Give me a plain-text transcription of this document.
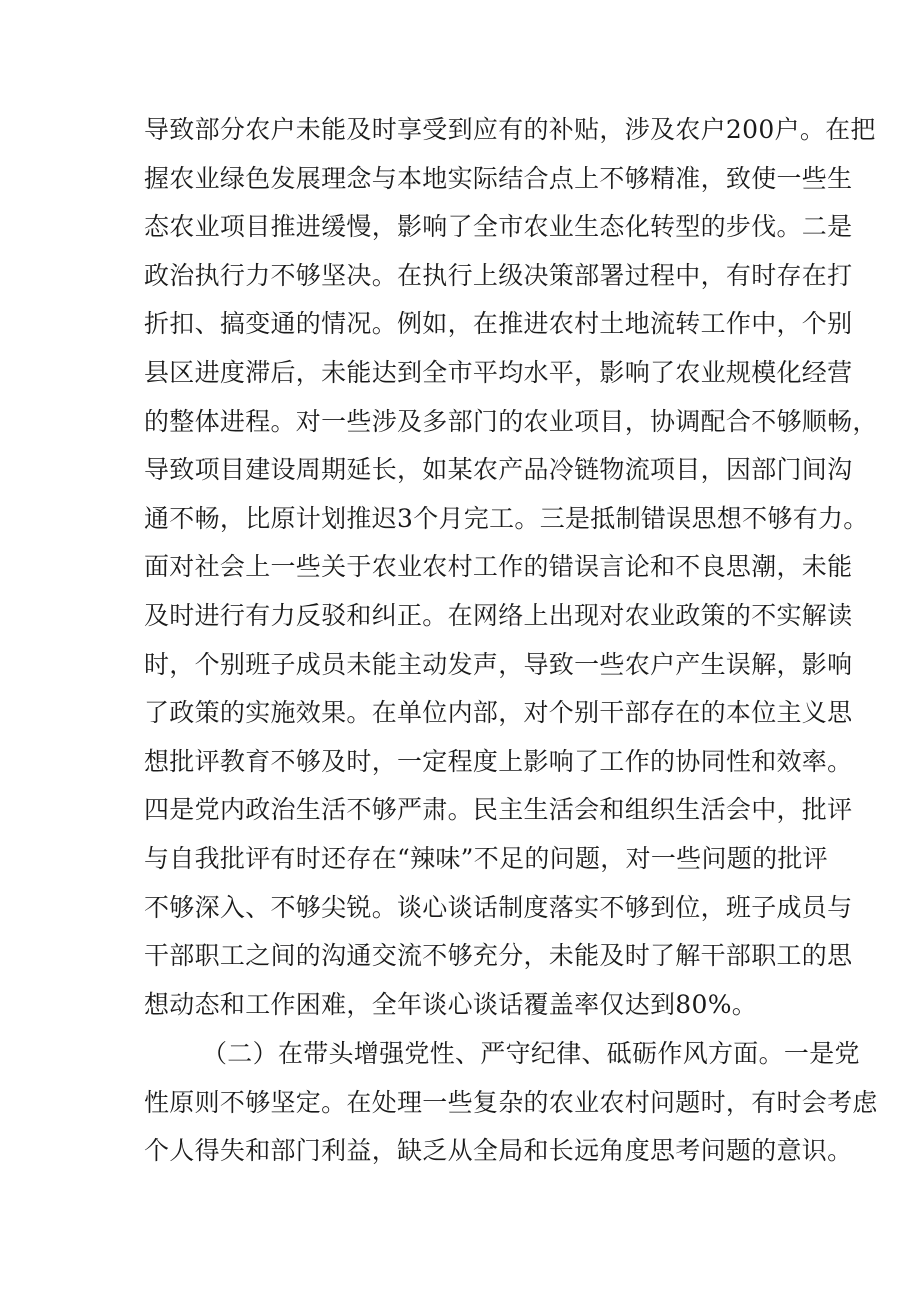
导致部分农户未能及时享受到应有的补贴，涉及农户200户。在把
握农业绿色发展理念与本地实际结合点上不够精准，致使一些生
态农业项目推进缓慢，影响了全市农业生态化转型的步伐。二是
政治执行力不够坚决。在执行上级决策部署过程中，有时存在打
折扣、搞变通的情况。例如，在推进农村土地流转工作中，个别
县区进度滞后，未能达到全市平均水平，影响了农业规模化经营
的整体进程。对一些涉及多部门的农业项目，协调配合不够顺畅，
导致项目建设周期延长，如某农产品冷链物流项目，因部门间沟
通不畅，比原计划推迟3个月完工。三是抵制错误思想不够有力。
面对社会上一些关于农业农村工作的错误言论和不良思潮，未能
及时进行有力反驳和纠正。在网络上出现对农业政策的不实解读
时，个别班子成员未能主动发声，导致一些农户产生误解，影响
了政策的实施效果。在单位内部，对个别干部存在的本位主义思
想批评教育不够及时，一定程度上影响了工作的协同性和效率。
四是党内政治生活不够严肃。民主生活会和组织生活会中，批评
与自我批评有时还存在“辣味”不足的问题，对一些问题的批评
不够深入、不够尖锐。谈心谈话制度落实不够到位，班子成员与
干部职工之间的沟通交流不够充分，未能及时了解干部职工的思
想动态和工作困难，全年谈心谈话覆盖率仅达到80%。
（二）在带头增强党性、严守纪律、砥砺作风方面。一是党
性原则不够坚定。在处理一些复杂的农业农村问题时，有时会考虑
个人得失和部门利益，缺乏从全局和长远角度思考问题的意识。
